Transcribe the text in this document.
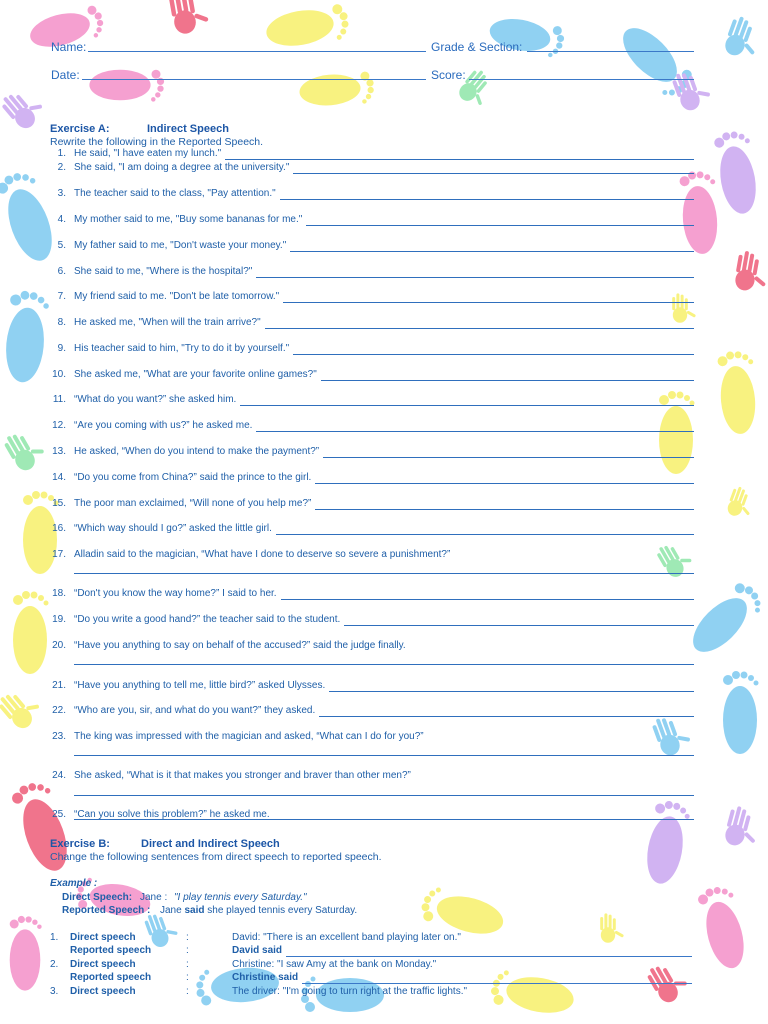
Name:	Grade & Section:
Date:	Score:
Exercise A:	Indirect Speech
Rewrite the following in the Reported Speech.
1. He said, "I have eaten my lunch."
2. She said, "I am doing a degree at the university."
3. The teacher said to the class, "Pay attention."
4. My mother said to me, "Buy some bananas for me."
5. My father said to me, "Don't waste your money."
6. She said to me, "Where is the hospital?"
7. My friend said to me. "Don't be late tomorrow."
8. He asked me, "When will the train arrive?"
9. His teacher said to him, "Try to do it by yourself."
10. She asked me, "What are your favorite online games?"
11. “What do you want?” she asked him.
12. “Are you coming with us?” he asked me.
13. He asked, “When do you intend to make the payment?”
14. “Do you come from China?” said the prince to the girl.
15. The poor man exclaimed, “Will none of you help me?”
16. “Which way should I go?” asked the little girl.
17. Alladin said to the magician, “What have I done to deserve so severe a punishment?”
18. “Don't you know the way home?” I said to her.
19. “Do you write a good hand?” the teacher said to the student.
20. “Have you anything to say on behalf of the accused?” said the judge finally.
21. “Have you anything to tell me, little bird?” asked Ulysses.
22. “Who are you, sir, and what do you want?” they asked.
23. The king was impressed with the magician and asked, “What can I do for you?”
24. She asked, “What is it that makes you stronger and braver than other men?”
25. “Can you solve this problem?” he asked me.
Exercise B:	Direct and Indirect Speech
Change the following sentences from direct speech to reported speech.
Example :
Direct Speech: Jane : "I play tennis every Saturday."
Reported Speech : Jane said she played tennis every Saturday.
1. Direct speech	:	David: "There is an excellent band playing later on."
Reported speech	:	David said
2. Direct speech	:	Christine: "I saw Amy at the bank on Monday."
Reported speech	:	Christine said
3. Direct speech	:	The driver: "I'm going to turn right at the traffic lights."
